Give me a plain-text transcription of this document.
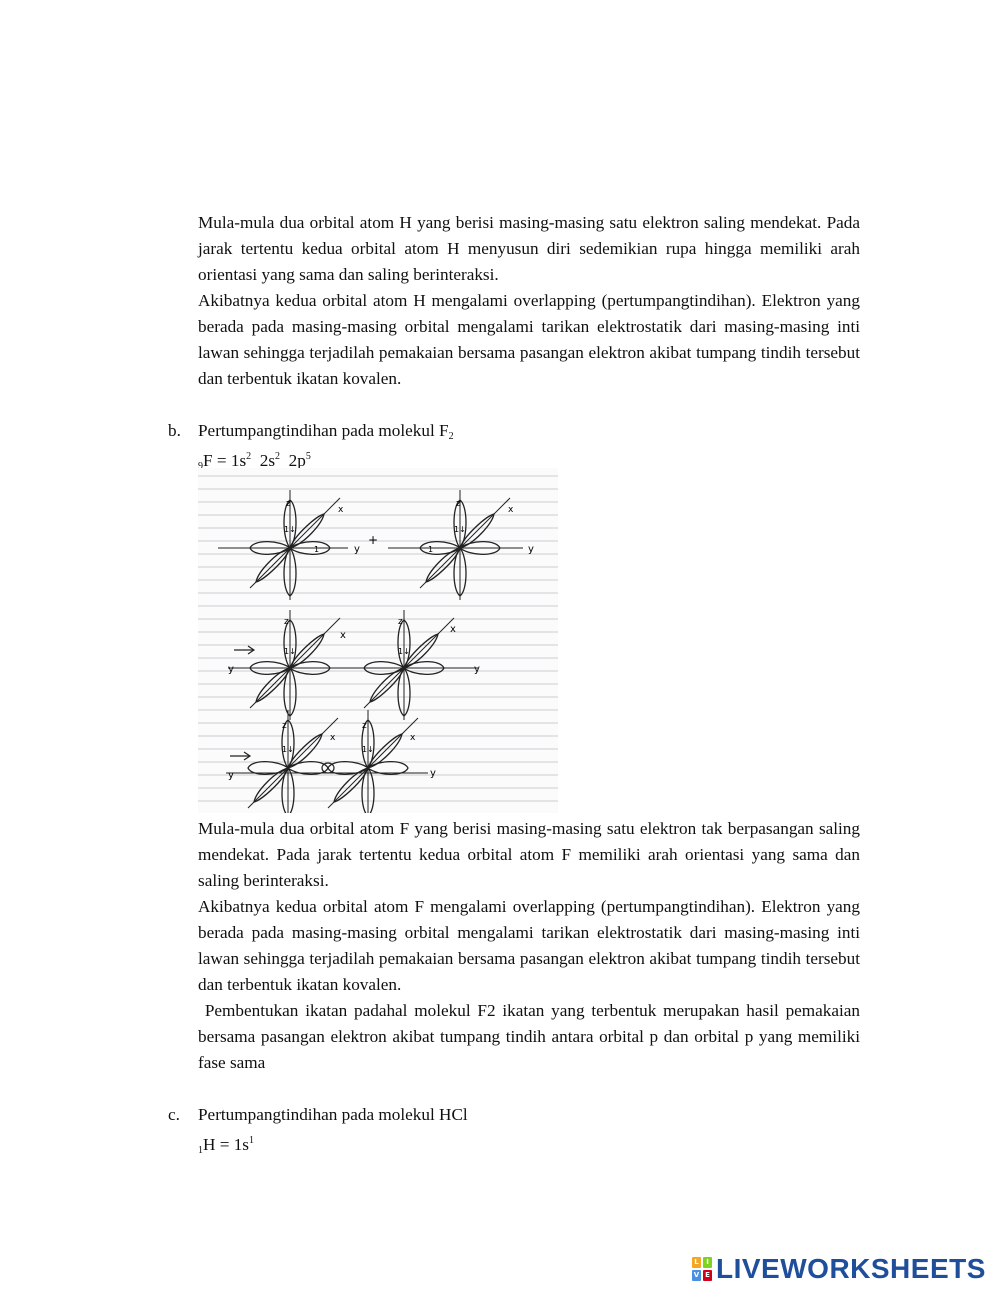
Mula-mula dua orbital atom H yang berisi masing-masing satu elektron saling mendekat. Pada jarak tertentu kedua orbital atom H menyusun diri sedemikian rupa hingga memiliki arah orientasi yang sama dan saling berinteraksi.

Akibatnya kedua orbital atom H mengalami overlapping (pertumpangtindihan). Elektron yang berada pada masing-masing orbital mengalami tarikan elektrostatik dari masing-masing inti lawan sehingga terjadilah pemakaian bersama pasangan elektron akibat tumpang tindih tersebut dan terbentuk ikatan kovalen.

b. Pertumpangtindihan pada molekul $F_2$
$_9F = 1s^2$  $2s^2$  $2p^5$
z
x
y
1↓
1
+
z
x
y
1↓
1
z
x
z
x
y	y
1↓	1↓
z
x
z
x
y	y
1↓	1↓

Mula-mula dua orbital atom F yang berisi masing-masing satu elektron tak berpasangan saling mendekat. Pada jarak tertentu kedua orbital atom F memiliki arah orientasi yang sama dan saling berinteraksi.

Akibatnya kedua orbital atom F mengalami overlapping (pertumpangtindihan). Elektron yang berada pada masing-masing orbital mengalami tarikan elektrostatik dari masing-masing inti lawan sehingga terjadilah pemakaian bersama pasangan elektron akibat tumpang tindih tersebut dan terbentuk ikatan kovalen.

Pembentukan ikatan padahal molekul F2 ikatan yang terbentuk merupakan hasil pemakaian bersama pasangan elektron akibat tumpang tindih antara orbital p dan orbital p yang memiliki fase sama

c. Pertumpangtindihan pada molekul HCl
$_1H = 1s^1$
L	I
V E LIVEWORKSHEETS
